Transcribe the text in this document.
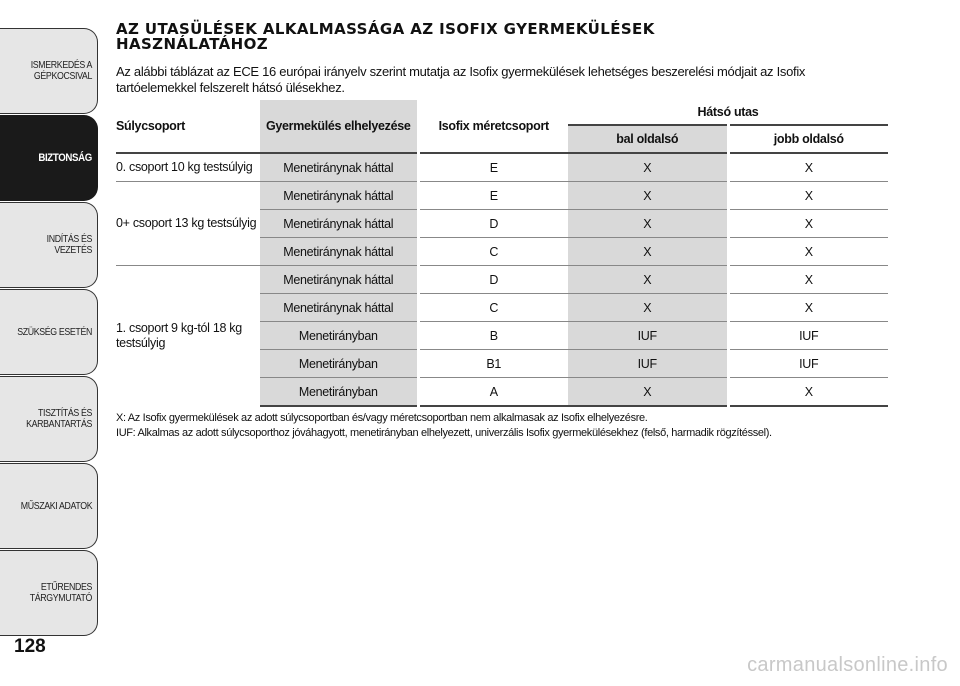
ISMERKEDÉS A GÉPKOCSIVAL
BIZTONSÁG
INDÍTÁS ÉS VEZETÉS
SZÜKSÉG ESETÉN
TISZTÍTÁS ÉS KARBANTARTÁS
MŰSZAKI ADATOK
ETŰRENDES TÁRGYMUTATÓ
128
AZ UTASÜLÉSEK ALKALMASSÁGA AZ ISOFIX GYERMEKÜLÉSEK
HASZNÁLATÁHOZ

Az alábbi táblázat az ECE 16 európai irányelv szerint mutatja az Isofix gyermekülések lehetséges beszerelési módjait az Isofix tartóelemekkel felszerelt hátsó ülésekhez.

Súlycsoport	Gyermekülés elhelyezése	Isofix méretcsoport	Hátsó utas	
			bal oldalsó	jobb oldalsó
0. csoport 10 kg testsúlyig	Menetiránynak háttal	E	X	X
0+ csoport 13 kg testsúlyig	Menetiránynak háttal	E	X	X
	Menetiránynak háttal	D	X	X
	Menetiránynak háttal	C	X	X
1. csoport 9 kg-tól 18 kg testsúlyig	Menetiránynak háttal	D	X	X
	Menetiránynak háttal	C	X	X
	Menetirányban	B	IUF	IUF
	Menetirányban	B1	IUF	IUF
	Menetirányban	A	X	X
X: Az Isofix gyermekülések az adott súlycsoportban és/vagy méretcsoportban nem alkalmasak az Isofix elhelyezésre.
IUF: Alkalmas az adott súlycsoporthoz jóváhagyott, menetirányban elhelyezett, univerzális Isofix gyermekülésekhez (felső, harmadik rögzítéssel).
carmanualsonline.info
